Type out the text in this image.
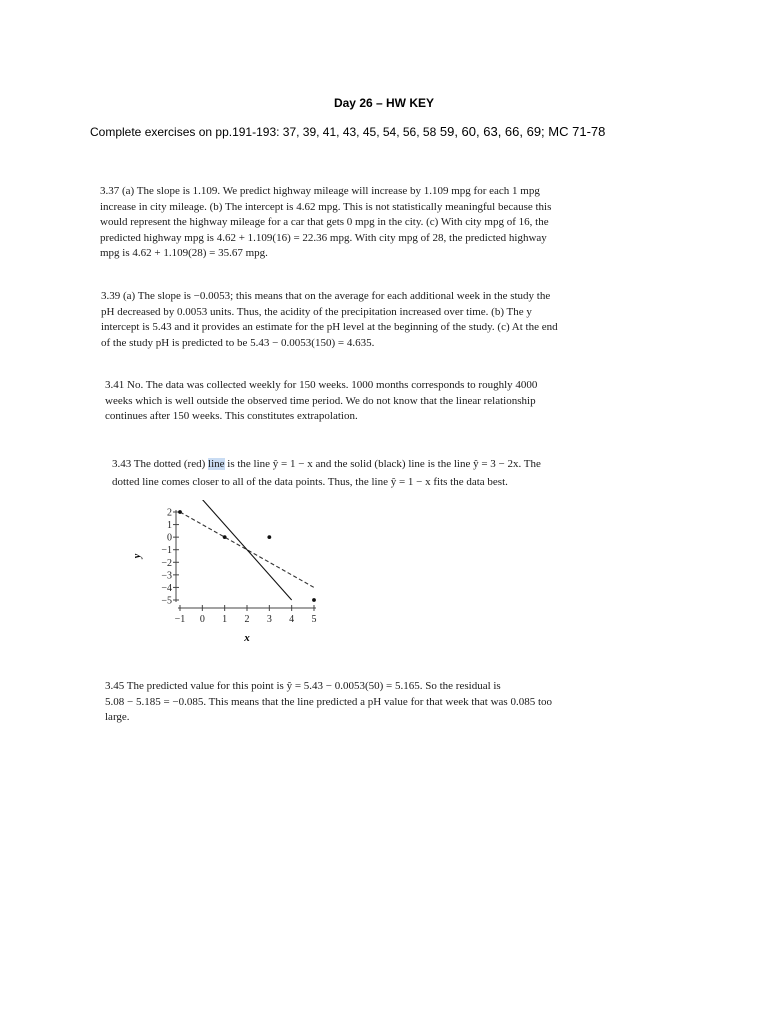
Day 26 – HW KEY
Complete exercises on pp.191-193: 37, 39, 41, 43, 45, 54, 56, 58 59, 60, 63, 66, 69; MC 71-78
3.37 (a) The slope is 1.109. We predict highway mileage will increase by 1.109 mpg for each 1 mpg
increase in city mileage. (b) The intercept is 4.62 mpg. This is not statistically meaningful because this
would represent the highway mileage for a car that gets 0 mpg in the city. (c) With city mpg of 16, the
predicted highway mpg is 4.62 + 1.109(16) = 22.36 mpg. With city mpg of 28, the predicted highway
mpg is 4.62 + 1.109(28) = 35.67 mpg.
3.39 (a) The slope is −0.0053; this means that on the average for each additional week in the study the
pH decreased by 0.0053 units. Thus, the acidity of the precipitation increased over time. (b) The y
intercept is 5.43 and it provides an estimate for the pH level at the beginning of the study. (c) At the end
of the study pH is predicted to be 5.43 − 0.0053(150) = 4.635.
3.41 No. The data was collected weekly for 150 weeks. 1000 months corresponds to roughly 4000
weeks which is well outside the observed time period. We do not know that the linear relationship
continues after 150 weeks. This constitutes extrapolation.
3.43 The dotted (red) line is the line ŷ = 1 − x and the solid (black) line is the line ŷ = 3 − 2x. The
dotted line comes closer to all of the data points. Thus, the line ŷ = 1 − x fits the data best.
2
1
0
−1
−2
−3
−4
−5
−1 0 1 2 3 4 5
y
x
3.45 The predicted value for this point is ŷ = 5.43 − 0.0053(50) = 5.165. So the residual is
5.08 − 5.185 = −0.085. This means that the line predicted a pH value for that week that was 0.085 too
large.
